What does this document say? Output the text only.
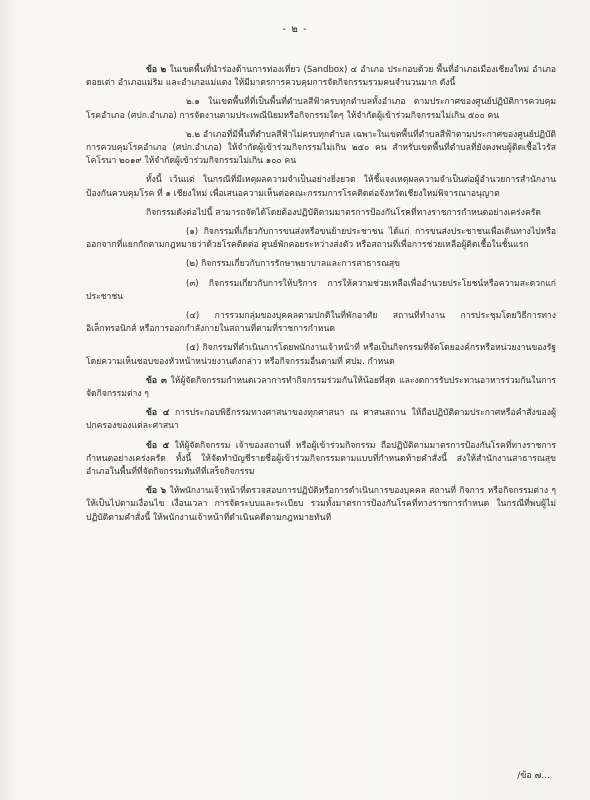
- ๒ -

ข้อ ๒ ในเขตพื้นที่นำร่องด้านการท่องเที่ยว (Sandbox) ๔ อำเภอ ประกอบด้วย พื้นที่อำเภอเมืองเชียงใหม่ อำเภอดอยเต่า อำเภอแม่ริม และอำเภอแม่แตง ให้มีมาตรการควบคุมการจัดกิจกรรมรวมคนจำนวนมาก ดังนี้

๒.๑ ในเขตพื้นที่ที่เป็นพื้นที่ตำบลสีฟ้าครบทุกตำบลทั้งอำเภอ ตามประกาศของศูนย์ปฏิบัติการควบคุมโรคอำเภอ (ศปก.อำเภอ) การจัดงานตามประเพณีนิยมหรือกิจกรรมใดๆ ให้จำกัดผู้เข้าร่วมกิจกรรมไม่เกิน ๕๐๐ คน

๒.๒ อำเภอที่มีพื้นที่ตำบลสีฟ้าไม่ครบทุกตำบล เฉพาะในเขตพื้นที่ตำบลสีฟ้าตามประกาศของศูนย์ปฏิบัติการควบคุมโรคอำเภอ (ศปก.อำเภอ) ให้จำกัดผู้เข้าร่วมกิจกรรมไม่เกิน ๒๕๐ คน สำหรับเขตพื้นที่ตำบลที่ยังคงพบผู้ติดเชื้อไวรัสโคโรนา ๒๐๑๙ ให้จำกัดผู้เข้าร่วมกิจกรรมไม่เกิน ๑๐๐ คน

ทั้งนี้ เว้นแต่ ในกรณีที่มีเหตุผลความจำเป็นอย่างยิ่งยวด ให้ชี้แจงเหตุผลความจำเป็นต่อผู้อำนวยการสำนักงานป้องกันควบคุมโรค ที่ ๑ เชียงใหม่ เพื่อเสนอความเห็นต่อคณะกรรมการโรคติดต่อจังหวัดเชียงใหม่พิจารณาอนุญาต

กิจกรรมดังต่อไปนี้ สามารถจัดได้โดยต้องปฏิบัติตามมาตรการป้องกันโรคที่ทางราชการกำหนดอย่างเคร่งครัด

(๑) กิจกรรมที่เกี่ยวกับการขนส่งหรือขนย้ายประชาชน ได้แก่ การขนส่งประชาชนเพื่อเดินทางไปหรือออกจากที่แยกกักตามกฎหมายว่าด้วยโรคติดต่อ ศูนย์พักคอยระหว่างส่งตัว หรือสถานที่เพื่อการช่วยเหลือผู้ติดเชื้อในชั้นแรก

(๒) กิจกรรมเกี่ยวกับการรักษาพยาบาลและการสาธารณสุข

(๓) กิจกรรมเกี่ยวกับการให้บริการ การให้ความช่วยเหลือเพื่ออำนวยประโยชน์หรือความสะดวกแก่ประชาชน

(๔) การรวมกลุ่มของบุคคลตามปกติในที่พักอาศัย สถานที่ทำงาน การประชุมโดยวิธีการทางอิเล็กทรอนิกส์ หรือการออกกำลังกายในสถานที่ตามที่ราชการกำหนด

(๕) กิจกรรมที่ดำเนินการโดยพนักงานเจ้าหน้าที่ หรือเป็นกิจกรรมที่จัดโดยองค์กรหรือหน่วยงานของรัฐโดยความเห็นชอบของหัวหน้าหน่วยงานดังกล่าว หรือกิจกรรมอื่นตามที่ ศปม. กำหนด

ข้อ ๓ ให้ผู้จัดกิจกรรมกำหนดเวลาการทำกิจกรรมร่วมกันให้น้อยที่สุด และงดการรับประทานอาหารร่วมกันในการจัดกิจกรรมต่าง ๆ

ข้อ ๔ การประกอบพิธีกรรมทางศาสนาของทุกศาสนา ณ ศาสนสถาน ให้ถือปฏิบัติตามประกาศหรือคำสั่งของผู้ปกครองของแต่ละศาสนา

ข้อ ๕ ให้ผู้จัดกิจกรรม เจ้าของสถานที่ หรือผู้เข้าร่วมกิจกรรม ถือปฏิบัติตามมาตรการป้องกันโรคที่ทางราชการกำหนดอย่างเคร่งครัด ทั้งนี้ ให้จัดทำบัญชีรายชื่อผู้เข้าร่วมกิจกรรมตามแบบที่กำหนดท้ายคำสั่งนี้ ส่งให้สำนักงานสาธารณสุขอำเภอในพื้นที่ที่จัดกิจกรรมทันทีที่เสร็จกิจกรรม

ข้อ ๖ ให้พนักงานเจ้าหน้าที่ตรวจสอบการปฏิบัติหรือการดำเนินการของบุคคล สถานที่ กิจการ หรือกิจกรรมต่าง ๆ ให้เป็นไปตามเงื่อนไข เงื่อนเวลา การจัดระบบและระเบียบ รวมทั้งมาตรการป้องกันโรคที่ทางราชการกำหนด ในกรณีที่พบผู้ไม่ปฏิบัติตามคำสั่งนี้ ให้พนักงานเจ้าหน้าที่ดำเนินคดีตามกฎหมายทันที

/ข้อ ๗...
